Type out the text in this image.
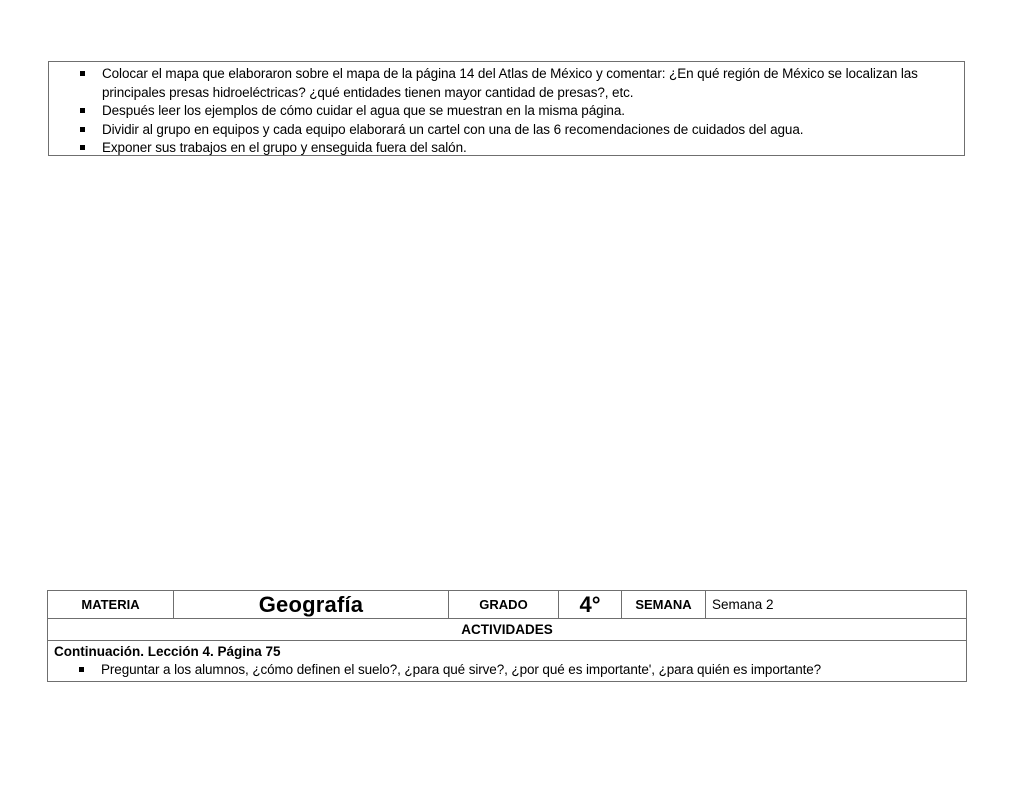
Colocar el mapa que elaboraron sobre el mapa de la página 14 del Atlas de México y comentar: ¿En qué región de México se localizan las principales presas hidroeléctricas? ¿qué entidades tienen mayor cantidad de presas?, etc.
Después leer los ejemplos de cómo cuidar el agua que se muestran en la misma página.
Dividir al grupo en equipos y cada equipo elaborará un cartel con una de las 6 recomendaciones de cuidados del agua.
Exponer sus trabajos en el grupo y enseguida fuera del salón.
MATERIA	Geografía	GRADO	4°	SEMANA	Semana 2
ACTIVIDADES

Continuación. Lección 4. Página 75
Preguntar a los alumnos, ¿cómo definen el suelo?, ¿para qué sirve?, ¿por qué es importante', ¿para quién es importante?
